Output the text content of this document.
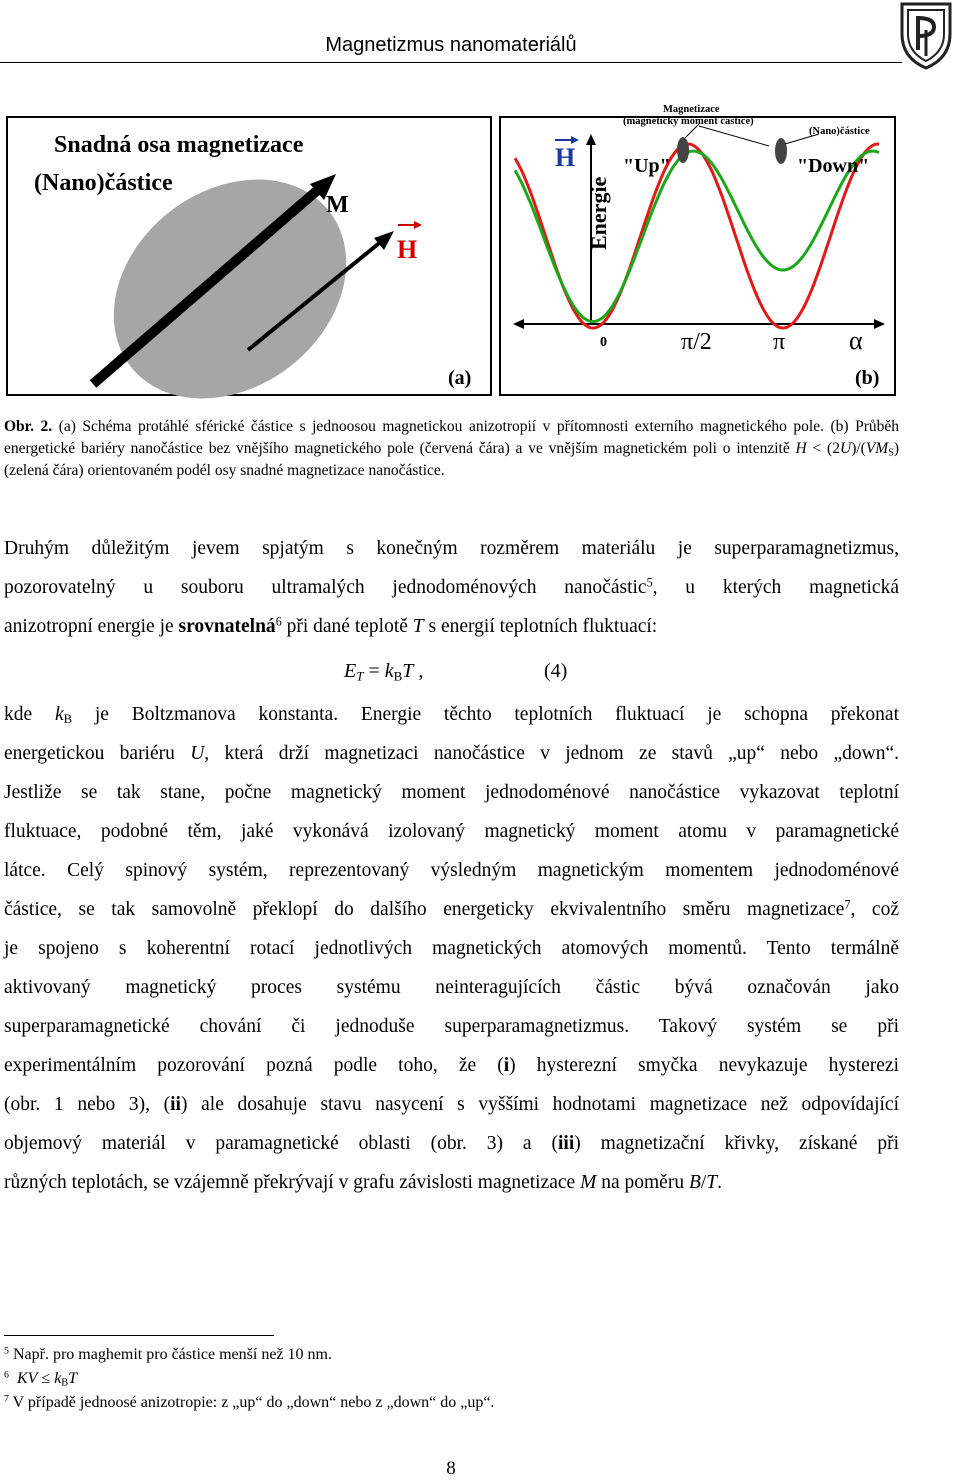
Magnetizmus nanomateriálů
Snadná osa magnetizace
(Nano)částice
M
H
(a)
Magnetizace
(magneticky moment částice)
(Nano)částice
H "Up"	"Down"
Energie
0	π/2	π α
(b)
Obr. 2. (a) Schéma protáhlé sférické částice s jednoosou magnetickou anizotropií v přítomnosti externího magnetického pole. (b) Průběh energetické bariéry nanočástice bez vnějšího magnetického pole (červená čára) a ve vnějším magnetickém poli o intenzitě $H < (2U)/(VM_S)$ (zelená čára) orientovaném podél osy snadné magnetizace nanočástice.
Druhým důležitým jevem spjatým s konečným rozměrem materiálu je superparamagnetizmus,
pozorovatelný u souboru ultramalých jednodoménových nanočástic$^5$, u kterých magnetická
anizotropní energie je srovnatelná$^6$ při dané teplotě T s energií teplotních fluktuací:
$E_T = k_BT$ ,	(4)
kde $k_B$ je Boltzmanova konstanta. Energie těchto teplotních fluktuací je schopna překonat
energetickou bariéru U, která drží magnetizaci nanočástice v jednom ze stavů „up“ nebo „down“.
Jestliže se tak stane, počne magnetický moment jednodoménové nanočástice vykazovat teplotní
fluktuace, podobné těm, jaké vykonává izolovaný magnetický moment atomu v paramagnetické
látce. Celý spinový systém, reprezentovaný výsledným magnetickým momentem jednodoménové
částice, se tak samovolně překlopí do dalšího energeticky ekvivalentního směru magnetizace$^7$, což
je spojeno s koherentní rotací jednotlivých magnetických atomových momentů. Tento termálně
aktivovaný magnetický proces systému neinteragujících částic bývá označován jako
superparamagnetické chování či jednoduše superparamagnetizmus. Takový systém se při
experimentálním pozorování pozná podle toho, že (i) hysterezní smyčka nevykazuje hysterezi
(obr. 1 nebo 3), (ii) ale dosahuje stavu nasycení s vyššími hodnotami magnetizace než odpovídající
objemový materiál v paramagnetické oblasti (obr. 3) a (iii) magnetizační křivky, získané při
různých teplotách, se vzájemně překrývají v grafu závislosti magnetizace M na poměru B/T.
$^5$ Např. pro maghemit pro částice menší než 10 nm.
$^6$ KV ≤ $k_BT$
$^7$ V případě jednoosé anizotropie: z „up“ do „down“ nebo z „down“ do „up“.
8
